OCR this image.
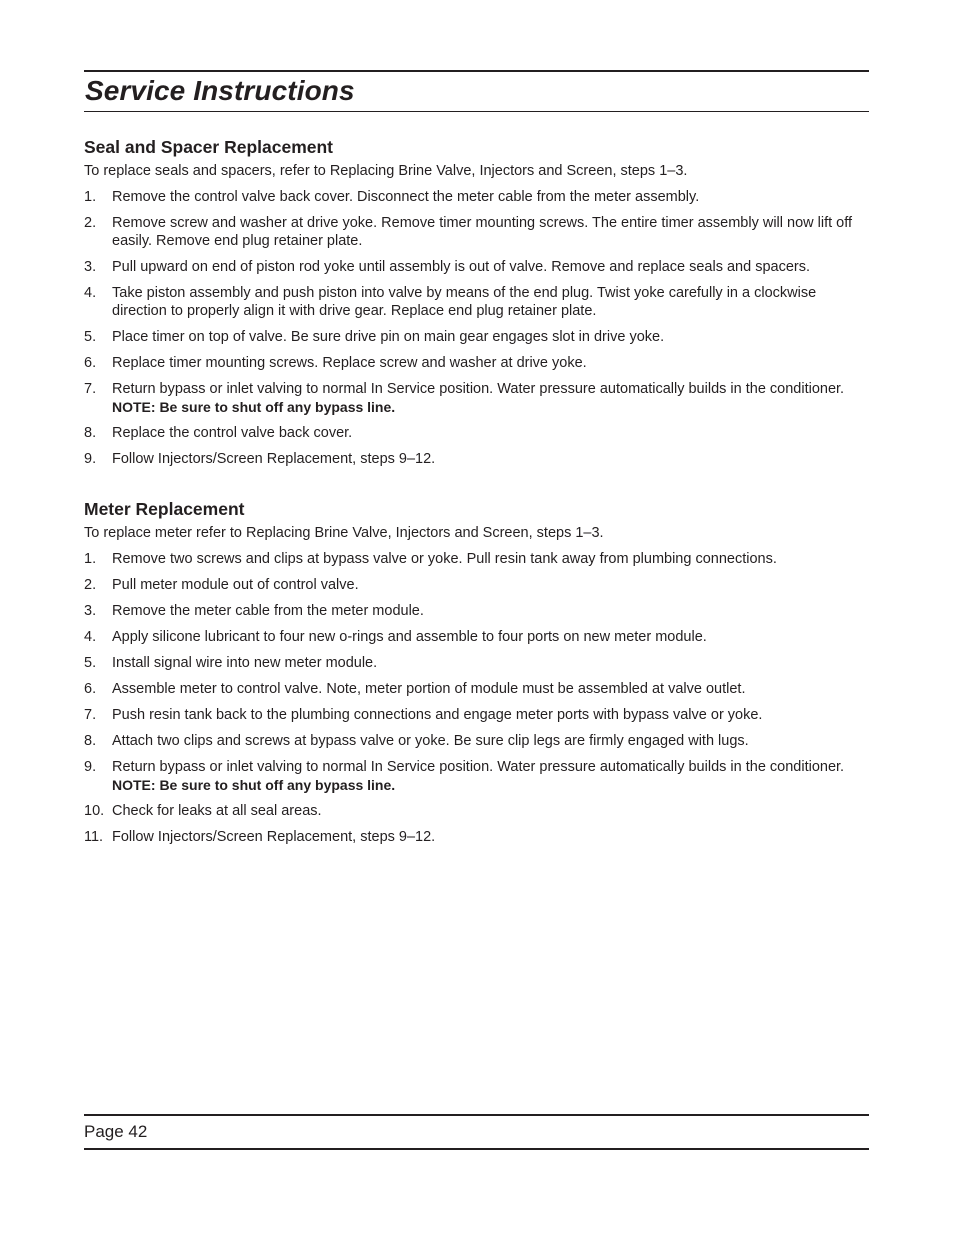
Service Instructions
Seal and Spacer Replacement

To replace seals and spacers, refer to Replacing Brine Valve, Injectors and Screen, steps 1–3.

1. Remove the control valve back cover. Disconnect the meter cable from the meter assembly.
2. Remove screw and washer at drive yoke. Remove timer mounting screws. The entire timer assembly will now lift off easily. Remove end plug retainer plate.
3. Pull upward on end of piston rod yoke until assembly is out of valve. Remove and replace seals and spacers.
4. Take piston assembly and push piston into valve by means of the end plug. Twist yoke carefully in a clockwise direction to properly align it with drive gear. Replace end plug retainer plate.
5. Place timer on top of valve. Be sure drive pin on main gear engages slot in drive yoke.
6. Replace timer mounting screws. Replace screw and washer at drive yoke.
7. Return bypass or inlet valving to normal In Service position. Water pressure automatically builds in the conditioner.
NOTE: Be sure to shut off any bypass line.
8. Replace the control valve back cover.
9. Follow Injectors/Screen Replacement, steps 9–12.
Meter Replacement

To replace meter refer to Replacing Brine Valve, Injectors and Screen, steps 1–3.

1. Remove two screws and clips at bypass valve or yoke. Pull resin tank away from plumbing connections.
2. Pull meter module out of control valve.
3. Remove the meter cable from the meter module.
4. Apply silicone lubricant to four new o-rings and assemble to four ports on new meter module.
5. Install signal wire into new meter module.
6. Assemble meter to control valve. Note, meter portion of module must be assembled at valve outlet.
7. Push resin tank back to the plumbing connections and engage meter ports with bypass valve or yoke.
8. Attach two clips and screws at bypass valve or yoke. Be sure clip legs are firmly engaged with lugs.
9. Return bypass or inlet valving to normal In Service position. Water pressure automatically builds in the conditioner.
NOTE: Be sure to shut off any bypass line.
10. Check for leaks at all seal areas.
11. Follow Injectors/Screen Replacement, steps 9–12.

Page 42
